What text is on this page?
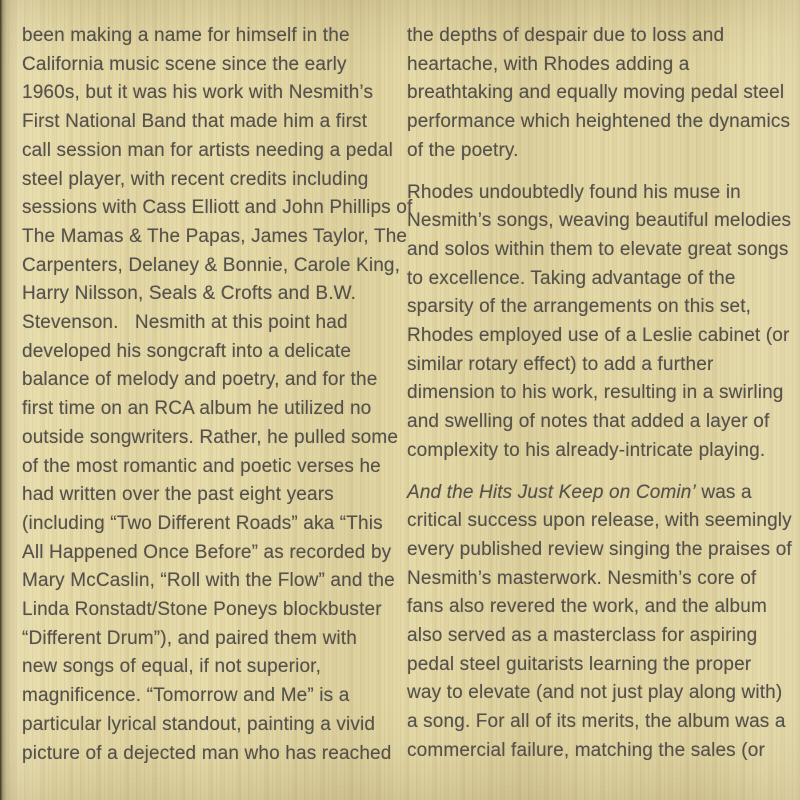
been making a name for himself in the
California music scene since the early
1960s, but it was his work with Nesmith’s
First National Band that made him a first
call session man for artists needing a pedal
steel player, with recent credits including
sessions with Cass Elliott and John Phillips of
The Mamas & The Papas, James Taylor, The
Carpenters, Delaney & Bonnie, Carole King,
Harry Nilsson, Seals & Crofts and B.W.
Stevenson.   Nesmith at this point had
developed his songcraft into a delicate
balance of melody and poetry, and for the
first time on an RCA album he utilized no
outside songwriters. Rather, he pulled some
of the most romantic and poetic verses he
had written over the past eight years
(including “Two Different Roads” aka “This
All Happened Once Before” as recorded by
Mary McCaslin, “Roll with the Flow” and the
Linda Ronstadt/Stone Poneys blockbuster
“Different Drum”), and paired them with
new songs of equal, if not superior,
magnificence. “Tomorrow and Me” is a
particular lyrical standout, painting a vivid
picture of a dejected man who has reached
the depths of despair due to loss and
heartache, with Rhodes adding a
breathtaking and equally moving pedal steel
performance which heightened the dynamics
of the poetry.
Rhodes undoubtedly found his muse in
Nesmith’s songs, weaving beautiful melodies
and solos within them to elevate great songs
to excellence. Taking advantage of the
sparsity of the arrangements on this set,
Rhodes employed use of a Leslie cabinet (or
similar rotary effect) to add a further
dimension to his work, resulting in a swirling
and swelling of notes that added a layer of
complexity to his already-intricate playing.
And the Hits Just Keep on Comin’ was a
critical success upon release, with seemingly
every published review singing the praises of
Nesmith’s masterwork. Nesmith’s core of
fans also revered the work, and the album
also served as a masterclass for aspiring
pedal steel guitarists learning the proper
way to elevate (and not just play along with)
a song. For all of its merits, the album was a
commercial failure, matching the sales (or
